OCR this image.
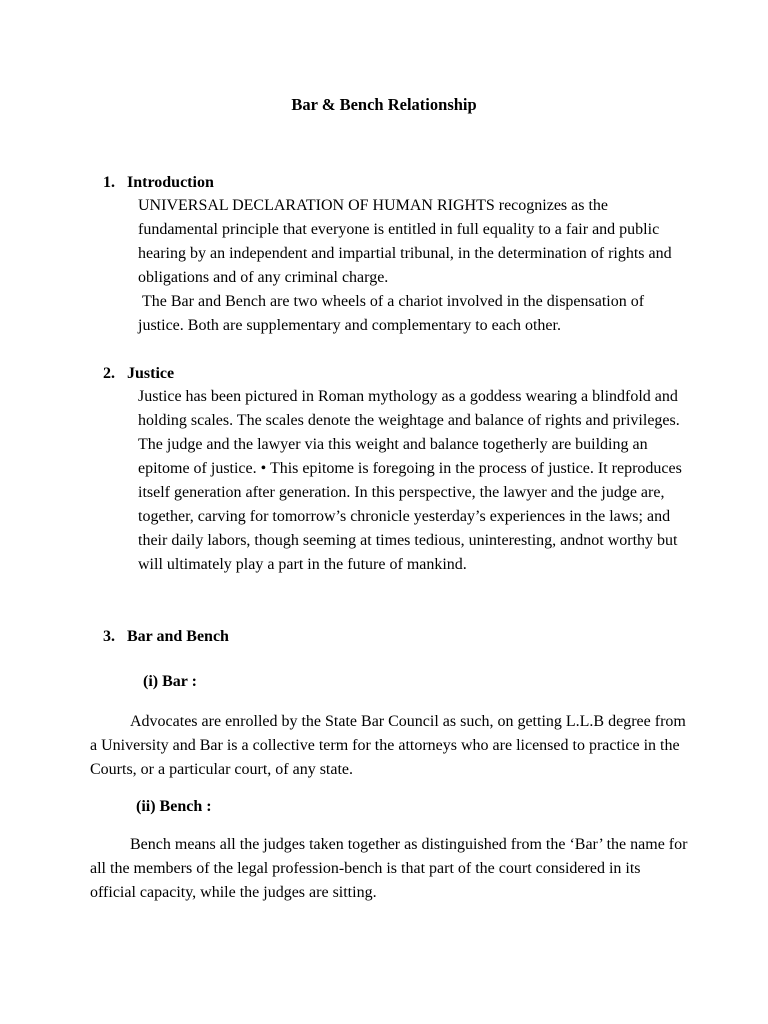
Bar & Bench Relationship
1. Introduction

UNIVERSAL DECLARATION OF HUMAN RIGHTS recognizes as the fundamental principle that everyone is entitled in full equality to a fair and public hearing by an independent and impartial tribunal, in the determination of rights and obligations and of any criminal charge.

The Bar and Bench are two wheels of a chariot involved in the dispensation of justice. Both are supplementary and complementary to each other.

2. Justice

Justice has been pictured in Roman mythology as a goddess wearing a blindfold and holding scales. The scales denote the weightage and balance of rights and privileges. The judge and the lawyer via this weight and balance togetherly are building an epitome of justice. • This epitome is foregoing in the process of justice. It reproduces itself generation after generation. In this perspective, the lawyer and the judge are, together, carving for tomorrow’s chronicle yesterday’s experiences in the laws; and their daily labors, though seeming at times tedious, uninteresting, andnot worthy but will ultimately play a part in the future of mankind.

3. Bar and Bench
(i) Bar :

Advocates are enrolled by the State Bar Council as such, on getting L.L.B degree from a University and Bar is a collective term for the attorneys who are licensed to practice in the Courts, or a particular court, of any state.

(ii) Bench :

Bench means all the judges taken together as distinguished from the ‘Bar’ the name for all the members of the legal profession-bench is that part of the court considered in its official capacity, while the judges are sitting.
